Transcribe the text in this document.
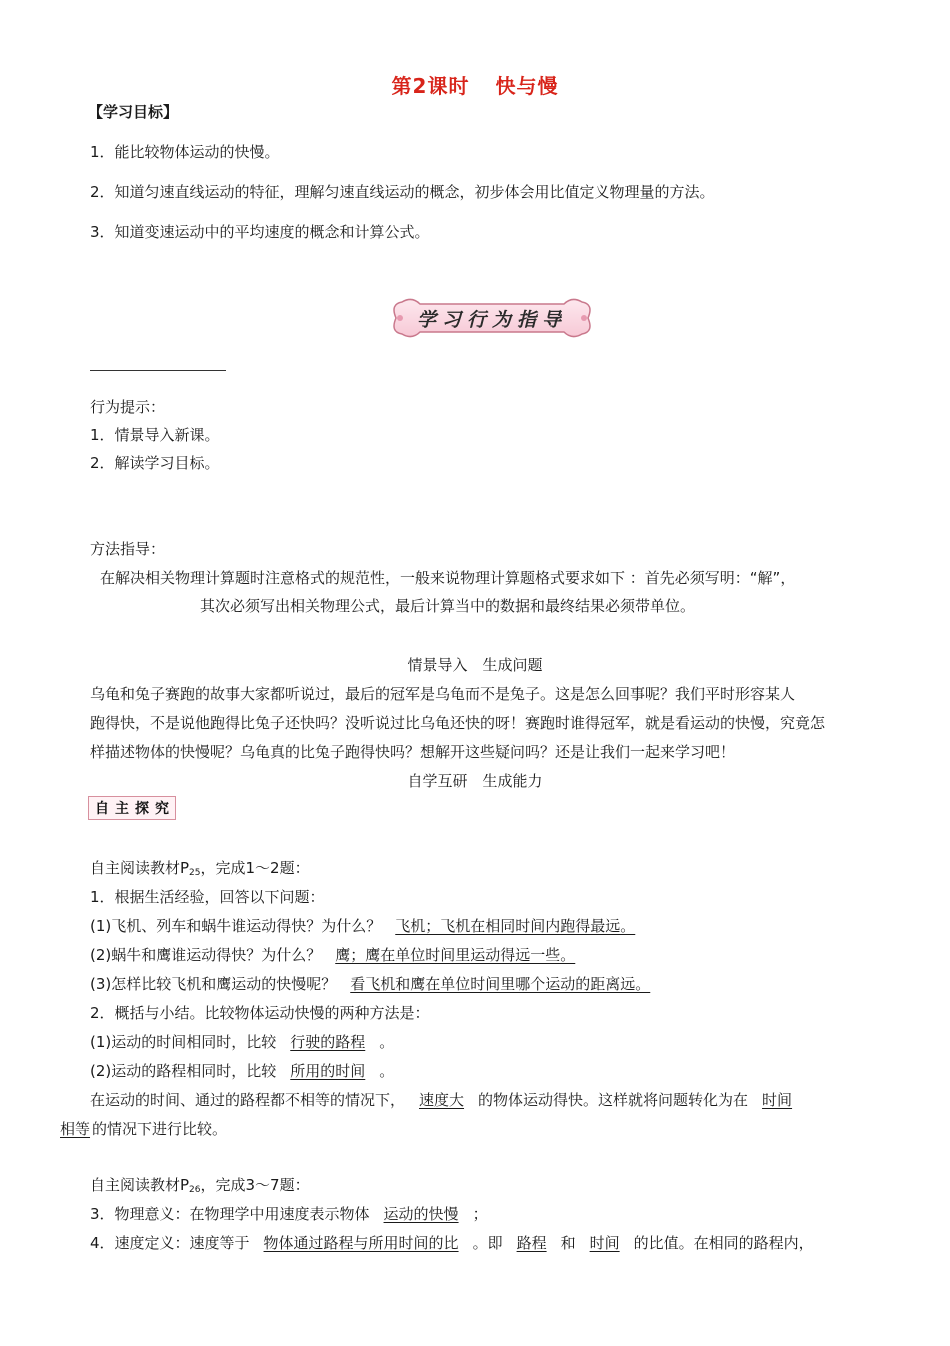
第2课时 快与慢
【学习目标】
1．能比较物体运动的快慢。
2．知道匀速直线运动的特征，理解匀速直线运动的概念，初步体会用比值定义物理量的方法。
3．知道变速运动中的平均速度的概念和计算公式。
学习行为指导
行为提示：
1．情景导入新课。
2．解读学习目标。
方法指导：
在解决相关物理计算题时注意格式的规范性，一般来说物理计算题格式要求如下 ：首先必须写明：“解”，
其次必须写出相关物理公式，最后计算当中的数据和最终结果必须带单位。
情景导入　生成问题
乌龟和兔子赛跑的故事大家都听说过，最后的冠军是乌龟而不是兔子。这是怎么回事呢？我们平时形容某人
跑得快，不是说他跑得比兔子还快吗？没听说过比乌龟还快的呀！赛跑时谁得冠军，就是看运动的快慢，究竟怎
样描述物体的快慢呢？乌龟真的比兔子跑得快吗？想解开这些疑问吗？还是让我们一起来学习吧！
自学互研　生成能力
自 主 探 究
自主阅读教材$P_{25}$，完成1～2题：
1．根据生活经验，回答以下问题：
(1)飞机、列车和蜗牛谁运动得快？为什么？ 飞机；飞机在相同时间内跑得最远。
(2)蜗牛和鹰谁运动得快？为什么？ 鹰；鹰在单位时间里运动得远一些。
(3)怎样比较飞机和鹰运动的快慢呢？ 看飞机和鹰在单位时间里哪个运动的距离远。
2．概括与小结。比较物体运动快慢的两种方法是：
(1)运动的时间相同时，比较 行驶的路程 。
(2)运动的路程相同时，比较 所用的时间 。
在运动的时间、通过的路程都不相等的情况下， 速度大 的物体运动得快。这样就将问题转化为在 时间
相等 的情况下进行比较。
自主阅读教材$P_{26}$，完成3～7题：
3．物理意义：在物理学中用速度表示物体 运动的快慢 ；
4．速度定义：速度等于 物体通过路程与所用时间的比 。即 路程 和 时间 的比值。在相同的路程内，
